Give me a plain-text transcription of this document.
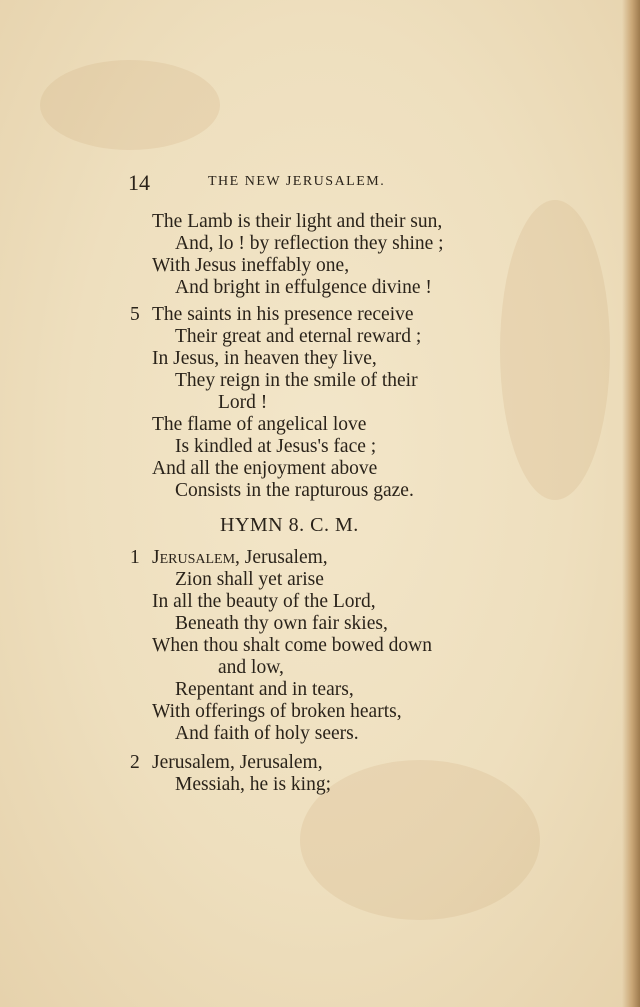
14	THE NEW JERUSALEM.
The Lamb is their light and their sun,
And, lo ! by reflection they shine ;
With Jesus ineffably one,
And bright in effulgence divine !
5 The saints in his presence receive
Their great and eternal reward ;
In Jesus, in heaven they live,
They reign in the smile of their
Lord !
The flame of angelical love
Is kindled at Jesus's face ;
And all the enjoyment above
Consists in the rapturous gaze.
HYMN 8. C. M.
1 Jerusalem, Jerusalem,
Zion shall yet arise
In all the beauty of the Lord,
Beneath thy own fair skies,
When thou shalt come bowed down
and low,
Repentant and in tears,
With offerings of broken hearts,
And faith of holy seers.
2 Jerusalem, Jerusalem,
Messiah, he is king;
